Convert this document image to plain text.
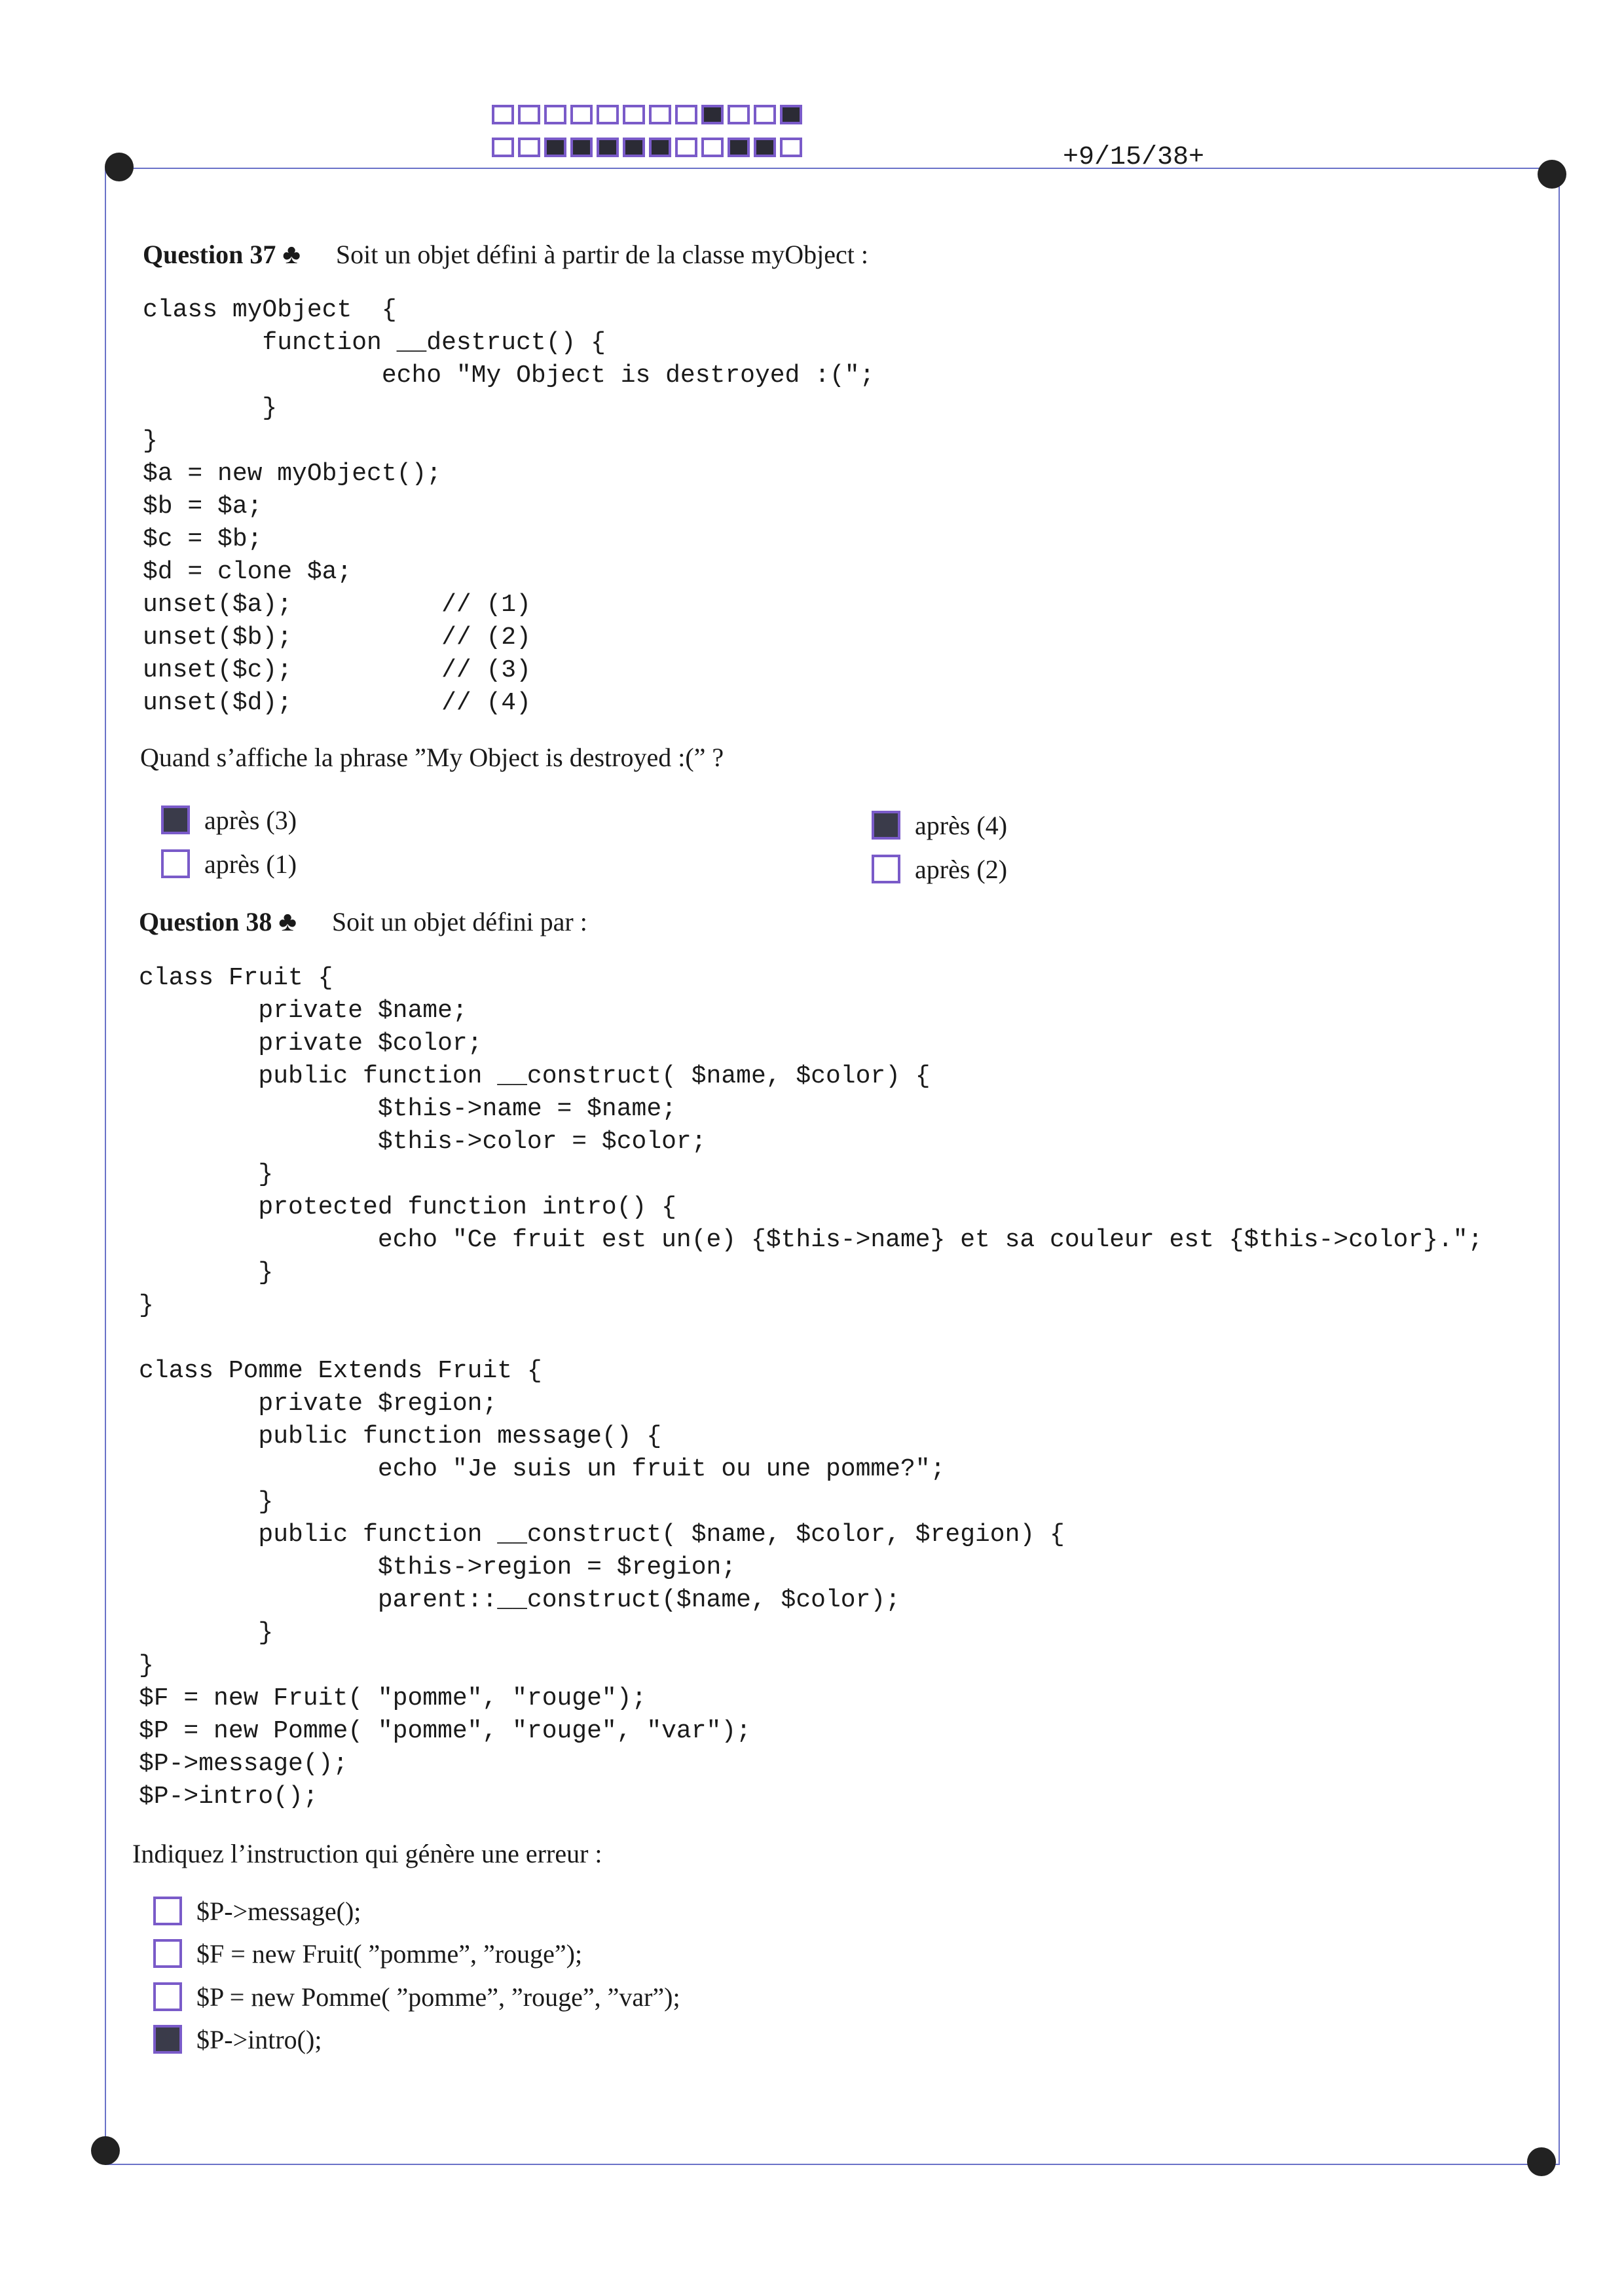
+9/15/38+
Question 37 ♣ Soit un objet défini à partir de la classe myObject :
class myObject  {
function __destruct() {
echo "My Object is destroyed :(";
}
}
$a = new myObject();
$b = $a;
$c = $b;
$d = clone $a;
unset($a);          // (1)
unset($b);          // (2)
unset($c);          // (3)
unset($d);          // (4)
Quand s’affiche la phrase ”My Object is destroyed :(” ?
après (3)
après (1)
après (4)
après (2)
Question 38 ♣ Soit un objet défini par :
class Fruit {
private $name;
private $color;
public function __construct( $name, $color) {
$this->name = $name;
$this->color = $color;
}
protected function intro() {
echo "Ce fruit est un(e) {$this->name} et sa couleur est {$this->color}.";
}
}

class Pomme Extends Fruit {
private $region;
public function message() {
echo "Je suis un fruit ou une pomme?";
}
public function __construct( $name, $color, $region) {
$this->region = $region;
parent::__construct($name, $color);
}
}
$F = new Fruit( "pomme", "rouge");
$P = new Pomme( "pomme", "rouge", "var");
$P->message();
$P->intro();
Indiquez l’instruction qui génère une erreur :
$P->message();
$F = new Fruit( ”pomme”, ”rouge”);
$P = new Pomme( ”pomme”, ”rouge”, ”var”);
$P->intro();
